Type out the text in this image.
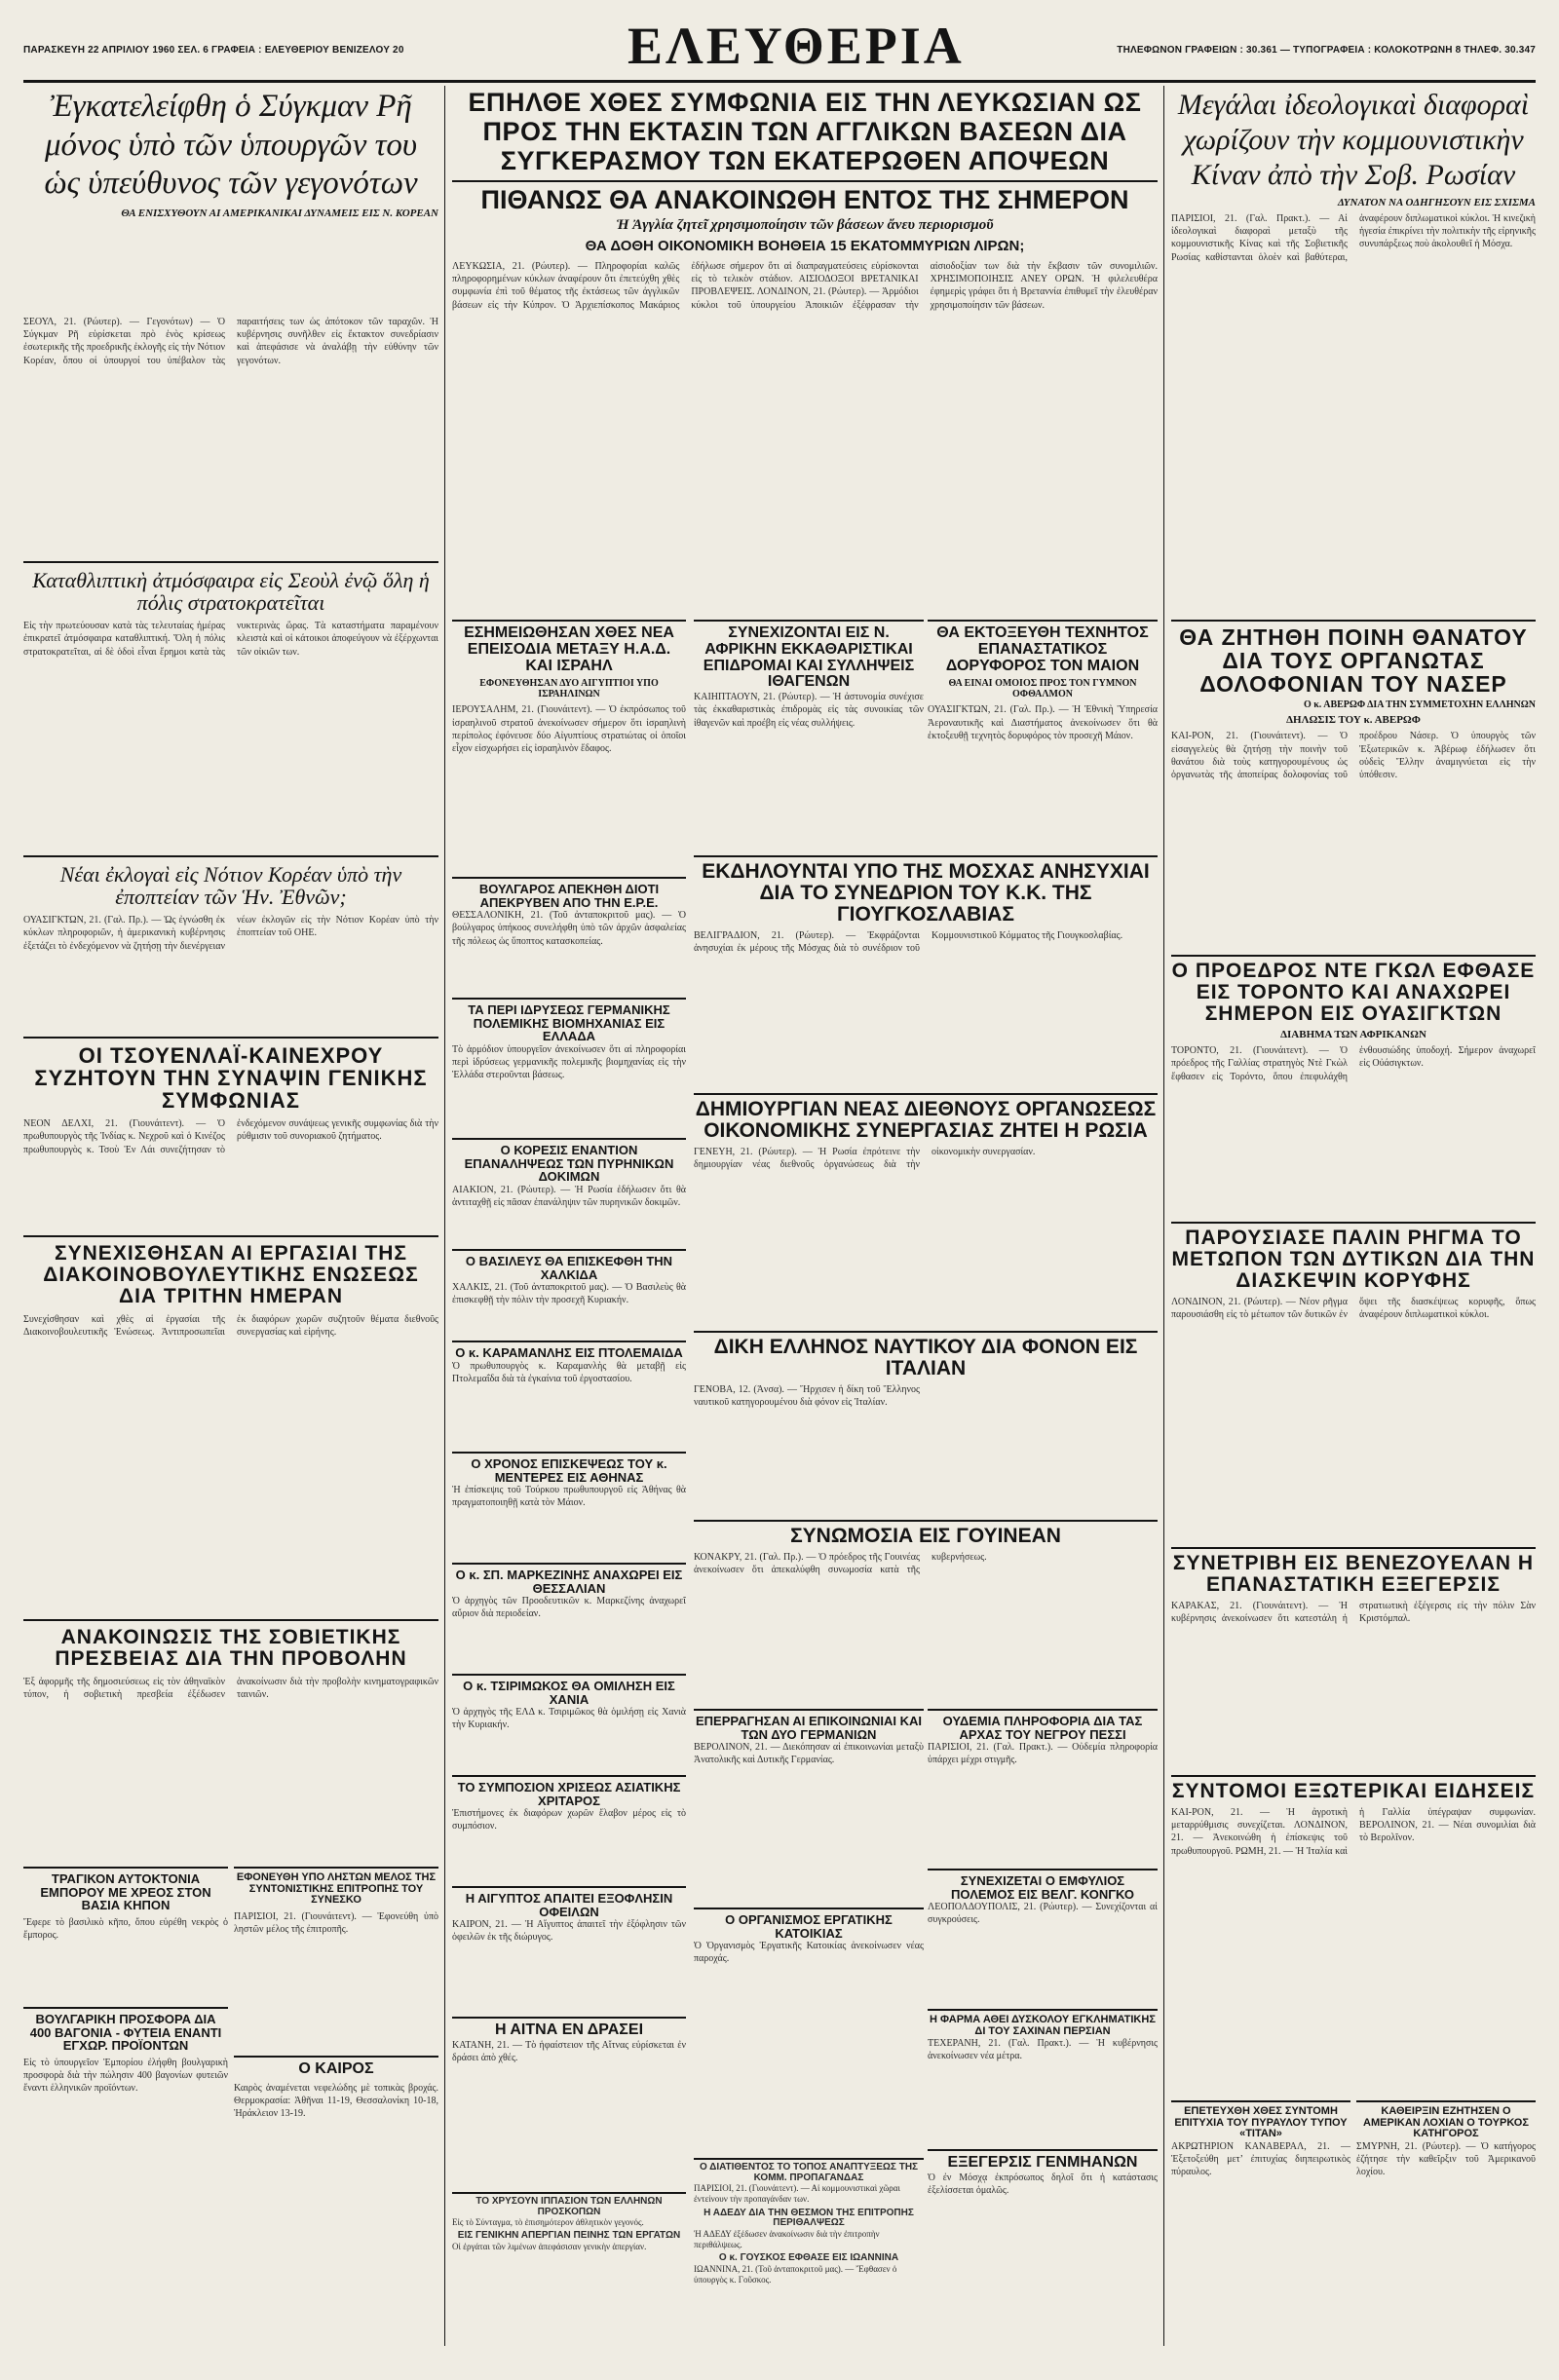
ΠΑΡΑΣΚΕΥΗ 22 ΑΠΡΙΛΙΟΥ 1960 ΣΕΛ. 6 ΓΡΑΦΕΙΑ : ΕΛΕΥΘΕΡΙΟΥ ΒΕΝΙΖΕΛΟΥ 20	ΕΛΕΥΘΕΡΙΑ	ΤΗΛΕΦΩΝΟΝ ΓΡΑΦΕΙΩΝ : 30.361 — ΤΥΠΟΓΡΑΦΕΙΑ : ΚΟΛΟΚΟΤΡΩΝΗ 8 ΤΗΛΕΦ. 30.347
Ἐγκατελείφθη ὁ Σύγκμαν Ρῆ μόνος ὑπὸ τῶν ὑπουργῶν του ὡς ὑπεύθυνος τῶν γεγονότων
ΘΑ ΕΝΙΣΧΥΘΟΥΝ ΑΙ ΑΜΕΡΙΚΑΝΙΚΑΙ ΔΥΝΑΜΕΙΣ ΕΙΣ Ν. ΚΟΡΕΑΝ
ΣΕΟΥΛ, 21. (Ρώυτερ). — Γεγονότων) — Ὁ Σύγκμαν Ρῆ εὑρίσκεται πρὸ ἑνὸς κρίσεως ἐσωτερικῆς τῆς προεδρικῆς ἐκλογῆς εἰς τὴν Νότιον Κορέαν, ὅπου οἱ ὑπουργοί του ὑπέβαλον τὰς παραιτήσεις των ὡς ἀπότοκον τῶν ταραχῶν. Ἡ κυβέρνησις συνῆλθεν εἰς ἔκτακτον συνεδρίασιν καὶ ἀπεφάσισε νὰ ἀναλάβῃ τὴν εὐθύνην τῶν γεγονότων.
Καταθλιπτικὴ ἀτμόσφαιρα εἰς Σεοὺλ ἐνῷ ὅλη ἡ πόλις στρατοκρατεῖται
Εἰς τὴν πρωτεύουσαν κατὰ τὰς τελευταίας ἡμέρας ἐπικρατεῖ ἀτμόσφαιρα καταθλιπτική. Ὅλη ἡ πόλις στρατοκρατεῖται, αἱ δὲ ὁδοὶ εἶναι ἔρημοι κατὰ τὰς νυκτερινὰς ὥρας. Τὰ καταστήματα παραμένουν κλειστὰ καὶ οἱ κάτοικοι ἀποφεύγουν νὰ ἐξέρχωνται τῶν οἰκιῶν των.
Νέαι ἐκλογαὶ εἰς Νότιον Κορέαν ὑπὸ τὴν ἐποπτείαν τῶν Ἡν. Ἐθνῶν;
ΟΥΑΣΙΓΚΤΩΝ, 21. (Γαλ. Πρ.). — Ὡς ἐγνώσθη ἐκ κύκλων πληροφοριῶν, ἡ ἀμερικανικὴ κυβέρνησις ἐξετάζει τὸ ἐνδεχόμενον νὰ ζητήσῃ τὴν διενέργειαν νέων ἐκλογῶν εἰς τὴν Νότιον Κορέαν ὑπὸ τὴν ἐποπτείαν τοῦ ΟΗΕ.
ΟΙ ΤΣΟΥΕΝΛΑΪ-ΚΑΙΝΕΧΡΟΥ ΣΥΖΗΤΟΥΝ ΤΗΝ ΣΥΝΑΨΙΝ ΓΕΝΙΚΗΣ ΣΥΜΦΩΝΙΑΣ
ΝΕΟΝ ΔΕΛΧΙ, 21. (Γιουνάιτεντ). — Ὁ πρωθυπουργὸς τῆς Ἰνδίας κ. Νεχροῦ καὶ ὁ Κινέζος πρωθυπουργὸς κ. Τσοὺ Ἐν Λάι συνεζήτησαν τὸ ἐνδεχόμενον συνάψεως γενικῆς συμφωνίας διὰ τὴν ρύθμισιν τοῦ συνοριακοῦ ζητήματος.
ΣΥΝΕΧΙΣΘΗΣΑΝ ΑΙ ΕΡΓΑΣΙΑΙ ΤΗΣ ΔΙΑΚΟΙΝΟΒΟΥΛΕΥΤΙΚΗΣ ΕΝΩΣΕΩΣ ΔΙΑ ΤΡΙΤΗΝ ΗΜΕΡΑΝ
Συνεχίσθησαν καὶ χθὲς αἱ ἐργασίαι τῆς Διακοινοβουλευτικῆς Ἑνώσεως. Ἀντιπροσωπεῖαι ἐκ διαφόρων χωρῶν συζητοῦν θέματα διεθνοῦς συνεργασίας καὶ εἰρήνης.
ΑΝΑΚΟΙΝΩΣΙΣ ΤΗΣ ΣΟΒΙΕΤΙΚΗΣ ΠΡΕΣΒΕΙΑΣ ΔΙΑ ΤΗΝ ΠΡΟΒΟΛΗΝ
Ἐξ ἀφορμῆς τῆς δημοσιεύσεως εἰς τὸν ἀθηναϊκὸν τύπον, ἡ σοβιετικὴ πρεσβεία ἐξέδωσεν ἀνακοίνωσιν διὰ τὴν προβολὴν κινηματογραφικῶν ταινιῶν.
ΤΡΑΓΙΚΟΝ ΑΥΤΟΚΤΟΝΙΑ ΕΜΠΟΡΟΥ ΜΕ ΧΡΕΟΣ ΣΤΟΝ ΒΑΣΙΑ ΚΗΠΟΝ
Ἔφερε τὸ βασιλικὸ κῆπο, ὅπου εὑρέθη νεκρὸς ὁ ἔμπορος.
ΒΟΥΛΓΑΡΙΚΗ ΠΡΟΣΦΟΡΑ ΔΙΑ 400 ΒΑΓΟΝΙΑ - ΦΥΤΕΙΑ ΕΝΑΝΤΙ ΕΓΧΩΡ. ΠΡΟΪΟΝΤΩΝ
Εἰς τὸ ὑπουργεῖον Ἐμπορίου ἐλήφθη βουλγαρικὴ προσφορὰ διὰ τὴν πώλησιν 400 βαγονίων φυτειῶν ἔναντι ἑλληνικῶν προϊόντων.
ΕΦΟΝΕΥΘΗ ΥΠΟ ΛΗΣΤΩΝ ΜΕΛΟΣ ΤΗΣ ΣΥΝΤΟΝΙΣΤΙΚΗΣ ΕΠΙΤΡΟΠΗΣ ΤΟΥ ΣΥΝΕΣΚΟ
ΠΑΡΙΣΙΟΙ, 21. (Γιουνάιτεντ). — Ἐφονεύθη ὑπὸ ληστῶν μέλος τῆς ἐπιτροπῆς.
Ο ΚΑΙΡΟΣ
Καιρὸς ἀναμένεται νεφελώδης μὲ τοπικὰς βροχάς. Θερμοκρασία: Ἀθῆναι 11-19, Θεσσαλονίκη 10-18, Ἡράκλειον 13-19.
ΕΠΗΛΘΕ ΧΘΕΣ ΣΥΜΦΩΝΙΑ ΕΙΣ ΤΗΝ ΛΕΥΚΩΣΙΑΝ ΩΣ ΠΡΟΣ ΤΗΝ ΕΚΤΑΣΙΝ ΤΩΝ ΑΓΓΛΙΚΩΝ ΒΑΣΕΩΝ ΔΙΑ ΣΥΓΚΕΡΑΣΜΟΥ ΤΩΝ ΕΚΑΤΕΡΩΘΕΝ ΑΠΟΨΕΩΝ
ΠΙΘΑΝΩΣ ΘΑ ΑΝΑΚΟΙΝΩΘΗ ΕΝΤΟΣ ΤΗΣ ΣΗΜΕΡΟΝ
Ἡ Ἀγγλία ζητεῖ χρησιμοποίησιν τῶν βάσεων ἄνευ περιορισμοῦ
ΘΑ ΔΟΘΗ ΟΙΚΟΝΟΜΙΚΗ ΒΟΗΘΕΙΑ 15 ΕΚΑΤΟΜΜΥΡΙΩΝ ΛΙΡΩΝ;
ΛΕΥΚΩΣΙΑ, 21. (Ρώυτερ). — Πληροφορίαι καλῶς πληροφορημένων κύκλων ἀναφέρουν ὅτι ἐπετεύχθη χθὲς συμφωνία ἐπὶ τοῦ θέματος τῆς ἐκτάσεως τῶν ἀγγλικῶν βάσεων εἰς τὴν Κύπρον. Ὁ Ἀρχιεπίσκοπος Μακάριος ἐδήλωσε σήμερον ὅτι αἱ διαπραγματεύσεις εὑρίσκονται εἰς τὸ τελικὸν στάδιον. ΑΙΣΙΟΔΟΞΟΙ ΒΡΕΤΑΝΙΚΑΙ ΠΡΟΒΛΕΨΕΙΣ. ΛΟΝΔΙΝΟΝ, 21. (Ρώυτερ). — Ἀρμόδιοι κύκλοι τοῦ ὑπουργείου Ἀποικιῶν ἐξέφρασαν τὴν αἰσιοδοξίαν των διὰ τὴν ἔκβασιν τῶν συνομιλιῶν. ΧΡΗΣΙΜΟΠΟΙΗΣΙΣ ΑΝΕΥ ΟΡΩΝ. Ἡ φιλελευθέρα ἐφημερὶς γράφει ὅτι ἡ Βρεταννία ἐπιθυμεῖ τὴν ἐλευθέραν χρησιμοποίησιν τῶν βάσεων.
ΕΣΗΜΕΙΩΘΗΣΑΝ ΧΘΕΣ ΝΕΑ ΕΠΕΙΣΟΔΙΑ ΜΕΤΑΞΥ Η.Α.Δ. ΚΑΙ ΙΣΡΑΗΛ
ΕΦΟΝΕΥΘΗΣΑΝ ΔΥΟ ΑΙΓΥΠΤΙΟΙ ΥΠΟ ΙΣΡΑΗΛΙΝΩΝ
ΙΕΡΟΥΣΑΛΗΜ, 21. (Γιουνάιτεντ). — Ὁ ἐκπρόσωπος τοῦ ἰσραηλινοῦ στρατοῦ ἀνεκοίνωσεν σήμερον ὅτι ἰσραηλινὴ περίπολος ἐφόνευσε δύο Αἰγυπτίους στρατιώτας οἱ ὁποῖοι εἶχον εἰσχωρήσει εἰς ἰσραηλινὸν ἔδαφος.
ΒΟΥΛΓΑΡΟΣ ΑΠΕΚΗΘΗ ΔΙΟΤΙ ΑΠΕΚΡΥΒΕΝ ΑΠΟ ΤΗΝ Ε.Ρ.Ε.
ΘΕΣΣΑΛΟΝΙΚΗ, 21. (Τοῦ ἀνταποκριτοῦ μας). — Ὁ βούλγαρος ὑπήκοος συνελήφθη ὑπὸ τῶν ἀρχῶν ἀσφαλείας τῆς πόλεως ὡς ὕποπτος κατασκοπείας.
ΤΑ ΠΕΡΙ ΙΔΡΥΣΕΩΣ ΓΕΡΜΑΝΙΚΗΣ ΠΟΛΕΜΙΚΗΣ ΒΙΟΜΗΧΑΝΙΑΣ ΕΙΣ ΕΛΛΑΔΑ
Τὸ ἀρμόδιον ὑπουργεῖον ἀνεκοίνωσεν ὅτι αἱ πληροφορίαι περὶ ἱδρύσεως γερμανικῆς πολεμικῆς βιομηχανίας εἰς τὴν Ἑλλάδα στεροῦνται βάσεως.
Ο ΚΟΡΕΣΙΣ ΕΝΑΝΤΙΟΝ ΕΠΑΝΑΛΗΨΕΩΣ ΤΩΝ ΠΥΡΗΝΙΚΩΝ ΔΟΚΙΜΩΝ
ΑΙΑΚΙΟΝ, 21. (Ρώυτερ). — Ἡ Ρωσία ἐδήλωσεν ὅτι θὰ ἀντιταχθῇ εἰς πᾶσαν ἐπανάληψιν τῶν πυρηνικῶν δοκιμῶν.
Ο ΒΑΣΙΛΕΥΣ ΘΑ ΕΠΙΣΚΕΦΘΗ ΤΗΝ ΧΑΛΚΙΔΑ
ΧΑΛΚΙΣ, 21. (Τοῦ ἀνταποκριτοῦ μας). — Ὁ Βασιλεὺς θὰ ἐπισκεφθῇ τὴν πόλιν τὴν προσεχῆ Κυριακήν.
Ο κ. ΚΑΡΑΜΑΝΛΗΣ ΕΙΣ ΠΤΟΛΕΜΑΙΔΑ
Ὁ πρωθυπουργὸς κ. Καραμανλὴς θὰ μεταβῇ εἰς Πτολεμαΐδα διὰ τὰ ἐγκαίνια τοῦ ἐργοστασίου.
Ο ΧΡΟΝΟΣ ΕΠΙΣΚΕΨΕΩΣ ΤΟΥ κ. ΜΕΝΤΕΡΕΣ ΕΙΣ ΑΘΗΝΑΣ
Ἡ ἐπίσκεψις τοῦ Τούρκου πρωθυπουργοῦ εἰς Ἀθήνας θὰ πραγματοποιηθῇ κατὰ τὸν Μάιον.
Ο κ. ΣΠ. ΜΑΡΚΕΖΙΝΗΣ ΑΝΑΧΩΡΕΙ ΕΙΣ ΘΕΣΣΑΛΙΑΝ
Ὁ ἀρχηγὸς τῶν Προοδευτικῶν κ. Μαρκεζίνης ἀναχωρεῖ αὔριον διὰ περιοδείαν.
Ο κ. ΤΣΙΡΙΜΩΚΟΣ ΘΑ ΟΜΙΛΗΣΗ ΕΙΣ ΧΑΝΙΑ
Ὁ ἀρχηγὸς τῆς ΕΛΔ κ. Τσιριμῶκος θὰ ὁμιλήσῃ εἰς Χανιὰ τὴν Κυριακήν.
ΤΟ ΣΥΜΠΟΣΙΟΝ ΧΡΙΣΕΩΣ ΑΣΙΑΤΙΚΗΣ ΧΡΙΤΑΡΟΣ
Ἐπιστήμονες ἐκ διαφόρων χωρῶν ἔλαβον μέρος εἰς τὸ συμπόσιον.
Η ΑΙΓΥΠΤΟΣ ΑΠΑΙΤΕΙ ΕΞΟΦΛΗΣΙΝ ΟΦΕΙΛΩΝ
ΚΑΙΡΟΝ, 21. — Ἡ Αἴγυπτος ἀπαιτεῖ τὴν ἐξόφλησιν τῶν ὀφειλῶν ἐκ τῆς διώρυγος.
Η ΑΙΤΝΑ ΕΝ ΔΡΑΣΕΙ
ΚΑΤΑΝΗ, 21. — Τὸ ἡφαίστειον τῆς Αἴτνας εὑρίσκεται ἐν δράσει ἀπὸ χθές.
ΣΥΝΕΧΙΖΟΝΤΑΙ ΕΙΣ Ν. ΑΦΡΙΚΗΝ ΕΚΚΑΘΑΡΙΣΤΙΚΑΙ ΕΠΙΔΡΟΜΑΙ ΚΑΙ ΣΥΛΛΗΨΕΙΣ ΙΘΑΓΕΝΩΝ
ΚΑΙΗΠΤΑΟΥΝ, 21. (Ρώυτερ). — Ἡ ἀστυνομία συνέχισε τὰς ἐκκαθαριστικὰς ἐπιδρομὰς εἰς τὰς συνοικίας τῶν ἰθαγενῶν καὶ προέβη εἰς νέας συλλήψεις.
ΕΚΔΗΛΟΥΝΤΑΙ ΥΠΟ ΤΗΣ ΜΟΣΧΑΣ ΑΝΗΣΥΧΙΑΙ ΔΙΑ ΤΟ ΣΥΝΕΔΡΙΟΝ ΤΟΥ Κ.Κ. ΤΗΣ ΓΙΟΥΓΚΟΣΛΑΒΙΑΣ
ΒΕΛΙΓΡΑΔΙΟΝ, 21. (Ρώυτερ). — Ἐκφράζονται ἀνησυχίαι ἐκ μέρους τῆς Μόσχας διὰ τὸ συνέδριον τοῦ Κομμουνιστικοῦ Κόμματος τῆς Γιουγκοσλαβίας.
ΔΗΜΙΟΥΡΓΙΑΝ ΝΕΑΣ ΔΙΕΘΝΟΥΣ ΟΡΓΑΝΩΣΕΩΣ ΟΙΚΟΝΟΜΙΚΗΣ ΣΥΝΕΡΓΑΣΙΑΣ ΖΗΤΕΙ Η ΡΩΣΙΑ
ΓΕΝΕΥΗ, 21. (Ρώυτερ). — Ἡ Ρωσία ἐπρότεινε τὴν δημιουργίαν νέας διεθνοῦς ὀργανώσεως διὰ τὴν οἰκονομικὴν συνεργασίαν.
ΔΙΚΗ ΕΛΛΗΝΟΣ ΝΑΥΤΙΚΟΥ ΔΙΑ ΦΟΝΟΝ ΕΙΣ ΙΤΑΛΙΑΝ
ΓΕΝΟΒΑ, 12. (Ἀνσα). — Ἤρχισεν ἡ δίκη τοῦ Ἕλληνος ναυτικοῦ κατηγορουμένου διὰ φόνον εἰς Ἰταλίαν.
ΣΥΝΩΜΟΣΙΑ ΕΙΣ ΓΟΥΙΝΕΑΝ
ΚΟΝΑΚΡΥ, 21. (Γαλ. Πρ.). — Ὁ πρόεδρος τῆς Γουινέας ἀνεκοίνωσεν ὅτι ἀπεκαλύφθη συνωμοσία κατὰ τῆς κυβερνήσεως.
ΕΠΕΡΡΑΓΗΣΑΝ ΑΙ ΕΠΙΚΟΙΝΩΝΙΑΙ ΚΑΙ ΤΩΝ ΔΥΟ ΓΕΡΜΑΝΙΩΝ
ΒΕΡΟΛΙΝΟΝ, 21. — Διεκόπησαν αἱ ἐπικοινωνίαι μεταξὺ Ἀνατολικῆς καὶ Δυτικῆς Γερμανίας.
ΟΥΔΕΜΙΑ ΠΛΗΡΟΦΟΡΙΑ ΔΙΑ ΤΑΣ ΑΡΧΑΣ ΤΟΥ ΝΕΓΡΟΥ ΠΕΣΣΙ
ΠΑΡΙΣΙΟΙ, 21. (Γαλ. Πρακτ.). — Οὐδεμία πληροφορία ὑπάρχει μέχρι στιγμῆς.
ΣΥΝΕΧΙΖΕΤΑΙ Ο ΕΜΦΥΛΙΟΣ ΠΟΛΕΜΟΣ ΕΙΣ ΒΕΛΓ. ΚΟΝΓΚΟ
ΛΕΟΠΟΛΔΟΥΠΟΛΙΣ, 21. (Ρώυτερ). — Συνεχίζονται αἱ συγκρούσεις.
Η ΦΑΡΜΑ ΑΘΕΙ ΔΥΣΚΟΛΟΥ ΕΓΚΛΗΜΑΤΙΚΗΣ ΔΙ ΤΟΥ ΣΑΧΙΝΑΝ ΠΕΡΣΙΑΝ
ΤΕΧΕΡΑΝΗ, 21. (Γαλ. Πρακτ.). — Ἡ κυβέρνησις ἀνεκοίνωσεν νέα μέτρα.
ΕΞΕΓΕΡΣΙΣ ΓΕΝΜΗΑΝΩΝ
Ὁ ἐν Μόσχᾳ ἐκπρόσωπος δηλοῖ ὅτι ἡ κατάστασις ἐξελίσσεται ὁμαλῶς.
Ο ΟΡΓΑΝΙΣΜΟΣ ΕΡΓΑΤΙΚΗΣ ΚΑΤΟΙΚΙΑΣ
Ὁ Ὀργανισμὸς Ἐργατικῆς Κατοικίας ἀνεκοίνωσεν νέας παροχάς.
ΘΑ ΕΚΤΟΞΕΥΘΗ ΤΕΧΝΗΤΟΣ ΕΠΑΝΑΣΤΑΤΙΚΟΣ ΔΟΡΥΦΟΡΟΣ ΤΟΝ ΜΑΙΟΝ
ΘΑ ΕΙΝΑΙ ΟΜΟΙΟΣ ΠΡΟΣ ΤΟΝ ΓΥΜΝΟΝ ΟΦΘΑΛΜΟΝ
ΟΥΑΣΙΓΚΤΩΝ, 21. (Γαλ. Πρ.). — Ἡ Ἐθνικὴ Ὑπηρεσία Ἀεροναυτικῆς καὶ Διαστήματος ἀνεκοίνωσεν ὅτι θὰ ἐκτοξευθῇ τεχνητὸς δορυφόρος τὸν προσεχῆ Μάιον.
Μεγάλαι ἰδεολογικαὶ διαφοραὶ χωρίζουν τὴν κομμουνιστικὴν Κίναν ἀπὸ τὴν Σοβ. Ρωσίαν
ΔΥΝΑΤΟΝ ΝΑ ΟΔΗΓΗΣΟΥΝ ΕΙΣ ΣΧΙΣΜΑ
ΠΑΡΙΣΙΟΙ, 21. (Γαλ. Πρακτ.). — Αἱ ἰδεολογικαὶ διαφοραὶ μεταξὺ τῆς κομμουνιστικῆς Κίνας καὶ τῆς Σοβιετικῆς Ρωσίας καθίστανται ὁλοὲν καὶ βαθύτεραι, ἀναφέρουν διπλωματικοὶ κύκλοι. Ἡ κινεζικὴ ἡγεσία ἐπικρίνει τὴν πολιτικὴν τῆς εἰρηνικῆς συνυπάρξεως ποὺ ἀκολουθεῖ ἡ Μόσχα.
ΘΑ ΖΗΤΗΘΗ ΠΟΙΝΗ ΘΑΝΑΤΟΥ ΔΙΑ ΤΟΥΣ ΟΡΓΑΝΩΤΑΣ ΔΟΛΟΦΟΝΙΑΝ ΤΟΥ ΝΑΣΕΡ
Ο κ. ΑΒΕΡΩΦ ΔΙΑ ΤΗΝ ΣΥΜΜΕΤΟΧΗΝ ΕΛΛΗΝΩΝ
ΔΗΛΩΣΙΣ ΤΟΥ κ. ΑΒΕΡΩΦ
ΚΑΙ-ΡΟΝ, 21. (Γιουνάιτεντ). — Ὁ εἰσαγγελεὺς θὰ ζητήσῃ τὴν ποινὴν τοῦ θανάτου διὰ τοὺς κατηγορουμένους ὡς ὀργανωτὰς τῆς ἀποπείρας δολοφονίας τοῦ προέδρου Νάσερ. Ὁ ὑπουργὸς τῶν Ἐξωτερικῶν κ. Ἀβέρωφ ἐδήλωσεν ὅτι οὐδεὶς Ἕλλην ἀναμιγνύεται εἰς τὴν ὑπόθεσιν.
Ο ΠΡΟΕΔΡΟΣ ΝΤΕ ΓΚΩΛ ΕΦΘΑΣΕ ΕΙΣ ΤΟΡΟΝΤΟ ΚΑΙ ΑΝΑΧΩΡΕΙ ΣΗΜΕΡΟΝ ΕΙΣ ΟΥΑΣΙΓΚΤΩΝ
ΔΙΑΒΗΜΑ ΤΩΝ ΑΦΡΙΚΑΝΩΝ
ΤΟΡΟΝΤΟ, 21. (Γιουνάιτεντ). — Ὁ πρόεδρος τῆς Γαλλίας στρατηγὸς Ντὲ Γκὼλ ἔφθασεν εἰς Τορόντο, ὅπου ἐπεφυλάχθη ἐνθουσιώδης ὑποδοχή. Σήμερον ἀναχωρεῖ εἰς Οὐάσιγκτων.
ΠΑΡΟΥΣΙΑΣΕ ΠΑΛΙΝ ΡΗΓΜΑ ΤΟ ΜΕΤΩΠΟΝ ΤΩΝ ΔΥΤΙΚΩΝ ΔΙΑ ΤΗΝ ΔΙΑΣΚΕΨΙΝ ΚΟΡΥΦΗΣ
ΛΟΝΔΙΝΟΝ, 21. (Ρώυτερ). — Νέον ρῆγμα παρουσιάσθη εἰς τὸ μέτωπον τῶν δυτικῶν ἐν ὄψει τῆς διασκέψεως κορυφῆς, ὅπως ἀναφέρουν διπλωματικοὶ κύκλοι.
ΣΥΝΕΤΡΙΒΗ ΕΙΣ ΒΕΝΕΖΟΥΕΛΑΝ Η ΕΠΑΝΑΣΤΑΤΙΚΗ ΕΞΕΓΕΡΣΙΣ
ΚΑΡΑΚΑΣ, 21. (Γιουνάιτεντ). — Ἡ κυβέρνησις ἀνεκοίνωσεν ὅτι κατεστάλη ἡ στρατιωτικὴ ἐξέγερσις εἰς τὴν πόλιν Σὰν Κριστόμπαλ.
ΣΥΝΤΟΜΟΙ ΕΞΩΤΕΡΙΚΑΙ ΕΙΔΗΣΕΙΣ
ΚΑΙ-ΡΟΝ, 21. — Ἡ ἀγροτικὴ μεταρρύθμισις συνεχίζεται. ΛΟΝΔΙΝΟΝ, 21. — Ἀνεκοινώθη ἡ ἐπίσκεψις τοῦ πρωθυπουργοῦ. ΡΩΜΗ, 21. — Ἡ Ἰταλία καὶ ἡ Γαλλία ὑπέγραψαν συμφωνίαν. ΒΕΡΟΛΙΝΟΝ, 21. — Νέαι συνομιλίαι διὰ τὸ Βερολῖνον.
ΕΠΕΤΕΥΧΘΗ ΧΘΕΣ ΣΥΝΤΟΜΗ ΕΠΙΤΥΧΙΑ ΤΟΥ ΠΥΡΑΥΛΟΥ ΤΥΠΟΥ «ΤΙΤΑΝ»
ΑΚΡΩΤΗΡΙΟΝ ΚΑΝΑΒΕΡΑΛ, 21. — Ἐξετοξεύθη μετ’ ἐπιτυχίας διηπειρωτικὸς πύραυλος.
ΚΑΘΕΙΡΞΙΝ ΕΖΗΤΗΣΕΝ Ο ΑΜΕΡΙΚΑΝ ΛΟΧΙΑΝ Ο ΤΟΥΡΚΟΣ ΚΑΤΗΓΟΡΟΣ
ΣΜΥΡΝΗ, 21. (Ρώυτερ). — Ὁ κατήγορος ἐζήτησε τὴν καθεῖρξιν τοῦ Ἀμερικανοῦ λοχίου.
Ο ΔΙΑΤΙΘΕΝΤΟΣ ΤΟ ΤΟΠΟΣ ΑΝΑΠΤΥΞΕΩΣ ΤΗΣ ΚΟΜΜ. ΠΡΟΠΑΓΑΝΔΑΣ
ΠΑΡΙΣΙΟΙ, 21. (Γιουνάιτεντ). — Αἱ κομμουνιστικαὶ χῶραι ἐντείνουν τὴν προπαγάνδαν των.
Η ΑΔΕΔΥ ΔΙΑ ΤΗΝ ΘΕΣΜΟΝ ΤΗΣ ΕΠΙΤΡΟΠΗΣ ΠΕΡΙΘΑΛΨΕΩΣ
Ἡ ΑΔΕΔΥ ἐξέδωσεν ἀνακοίνωσιν διὰ τὴν ἐπιτροπὴν περιθάλψεως.
Ο κ. ΓΟΥΣΚΟΣ ΕΦΘΑΣΕ ΕΙΣ ΙΩΑΝΝΙΝΑ
ΙΩΑΝΝΙΝΑ, 21. (Τοῦ ἀνταποκριτοῦ μας). — Ἔφθασεν ὁ ὑπουργὸς κ. Γοῦσκος.
ΤΟ ΧΡΥΣΟΥΝ ΙΠΠΑΣΙΟΝ ΤΩΝ ΕΛΛΗΝΩΝ ΠΡΟΣΚΟΠΩΝ
Εἰς τὸ Σύνταγμα, τὸ ἐπισημότερον ἀθλητικὸν γεγονός.
ΕΙΣ ΓΕΝΙΚΗΝ ΑΠΕΡΓΙΑΝ ΠΕΙΝΗΣ ΤΩΝ ΕΡΓΑΤΩΝ
Οἱ ἐργάται τῶν λιμένων ἀπεφάσισαν γενικὴν ἀπεργίαν.
